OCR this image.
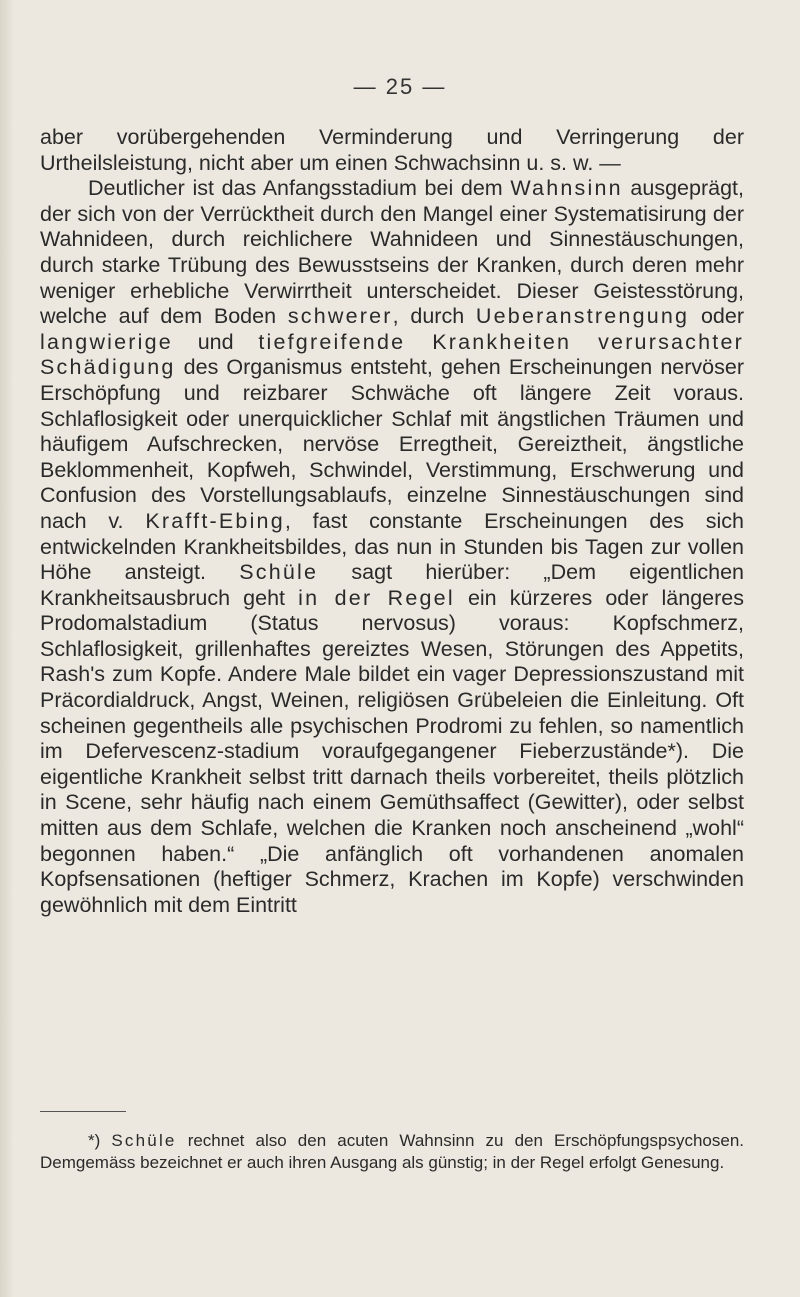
— 25 —

aber vorübergehenden Verminderung und Verringerung der Urtheilsleistung, nicht aber um einen Schwachsinn u. s. w. —

Deutlicher ist das Anfangsstadium bei dem Wahnsinn ausgeprägt, der sich von der Verrücktheit durch den Mangel einer Systematisirung der Wahnideen, durch reichlichere Wahnideen und Sinnestäuschungen, durch starke Trübung des Bewusstseins der Kranken, durch deren mehr weniger erhebliche Verwirrtheit unterscheidet. Dieser Geistesstörung, welche auf dem Boden schwerer, durch Ueberanstrengung oder langwierige und tiefgreifende Krankheiten verursachter Schädigung des Organismus entsteht, gehen Erscheinungen nervöser Erschöpfung und reizbarer Schwäche oft längere Zeit voraus. Schlaflosigkeit oder unerquicklicher Schlaf mit ängstlichen Träumen und häufigem Aufschrecken, nervöse Erregtheit, Gereiztheit, ängstliche Beklommenheit, Kopfweh, Schwindel, Verstimmung, Erschwerung und Confusion des Vorstellungsablaufs, einzelne Sinnestäuschungen sind nach v. Krafft-Ebing, fast constante Erscheinungen des sich entwickelnden Krankheitsbildes, das nun in Stunden bis Tagen zur vollen Höhe ansteigt. Schüle sagt hierüber: „Dem eigentlichen Krankheitsausbruch geht in der Regel ein kürzeres oder längeres Prodomalstadium (Status nervosus) voraus: Kopfschmerz, Schlaflosigkeit, grillenhaftes gereiztes Wesen, Störungen des Appetits, Rash's zum Kopfe. Andere Male bildet ein vager Depressionszustand mit Präcordialdruck, Angst, Weinen, religiösen Grübeleien die Einleitung. Oft scheinen gegentheils alle psychischen Prodromi zu fehlen, so namentlich im Defervescenz-stadium voraufgegangener Fieberzustände*). Die eigentliche Krankheit selbst tritt darnach theils vorbereitet, theils plötzlich in Scene, sehr häufig nach einem Gemüthsaffect (Gewitter), oder selbst mitten aus dem Schlafe, welchen die Kranken noch anscheinend „wohl“ begonnen haben.“ „Die anfänglich oft vorhandenen anomalen Kopfsensationen (heftiger Schmerz, Krachen im Kopfe) verschwinden gewöhnlich mit dem Eintritt

*) Schüle rechnet also den acuten Wahnsinn zu den Erschöpfungspsychosen. Demgemäss bezeichnet er auch ihren Ausgang als günstig; in der Regel erfolgt Genesung.
